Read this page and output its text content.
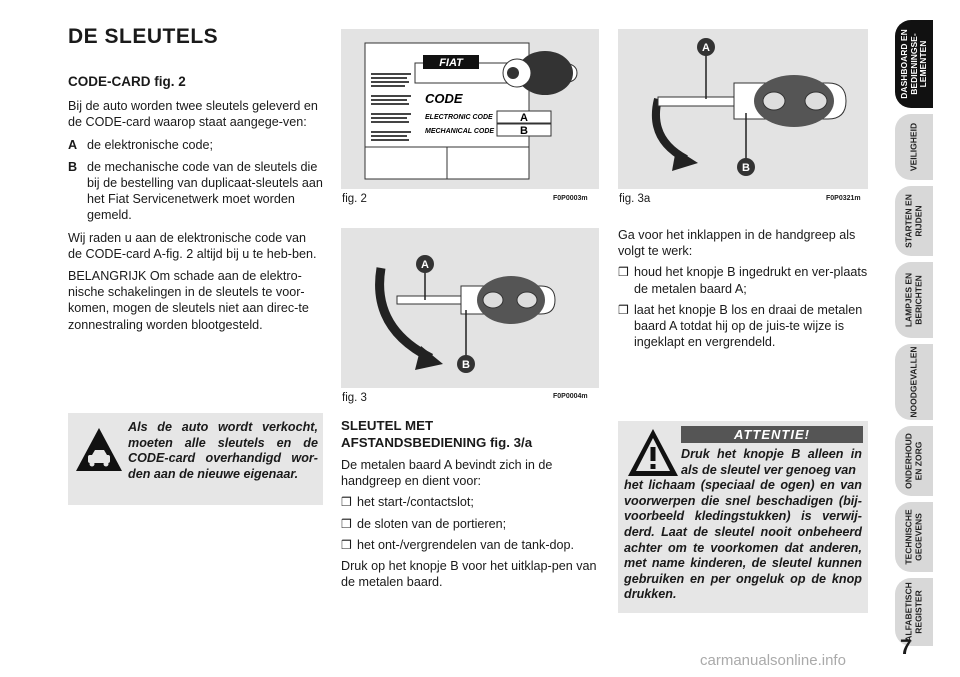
DE SLEUTELS

CODE-CARD fig. 2

Bij de auto worden twee sleutels geleverd en de CODE-card waarop staat aangege-ven:

A de elektronische code;
B de mechanische code van de sleutels die bij de bestelling van duplicaat-sleutels aan het Fiat Servicenetwerk moet worden gemeld.

Wij raden u aan de elektronische code van de CODE-card A-fig. 2 altijd bij u te heb-ben.

BELANGRIJK Om schade aan de elektro-nische schakelingen in de sleutels te voor-komen, mogen de sleutels niet aan direc-te zonnestraling worden blootgesteld.

Als de auto wordt verkocht, moeten alle sleutels en de CODE-card overhandigd wor-den aan de nieuwe eigenaar.
FIAT
CODE
ELECTRONIC CODE
MECHANICAL CODE
A
B
fig. 2	F0P0003m
A
B
fig. 3	F0P0004m
SLEUTEL MET
AFSTANDSBEDIENING fig. 3/a

De metalen baard A bevindt zich in de handgreep en dient voor:

❒ het start-/contactslot;
❒ de sloten van de portieren;
❒ het ont-/vergrendelen van de tank-dop.

Druk op het knopje B voor het uitklap-pen van de metalen baard.

A
B
fig. 3a	F0P0321m

Ga voor het inklappen in de handgreep als volgt te werk:

❒ houd het knopje B ingedrukt en ver-plaats de metalen baard A;
❒ laat het knopje B los en draai de metalen baard A totdat hij op de juis-te wijze is ingeklapt en vergrendeld.
ATTENTIE!
Druk het knopje B alleen in als de sleutel ver genoeg van
het lichaam (speciaal de ogen) en van voorwerpen die snel beschadigen (bij-voorbeeld kledingstukken) is verwij-derd. Laat de sleutel nooit onbeheerd achter om te voorkomen dat anderen, met name kinderen, de sleutel kunnen gebruiken en per ongeluk op de knop drukken.
DASHBOARD EN
BEDIENINGSE-
LEMENTEN
VEILIGHEID
STARTEN EN
RIJDEN
LAMPJES EN
BERICHTEN
NOODGEVALLEN
ONDERHOUD
EN ZORG
TECHNISCHE
GEGEVENS
ALFABETISCH
REGISTER
7
carmanualsonline.info
